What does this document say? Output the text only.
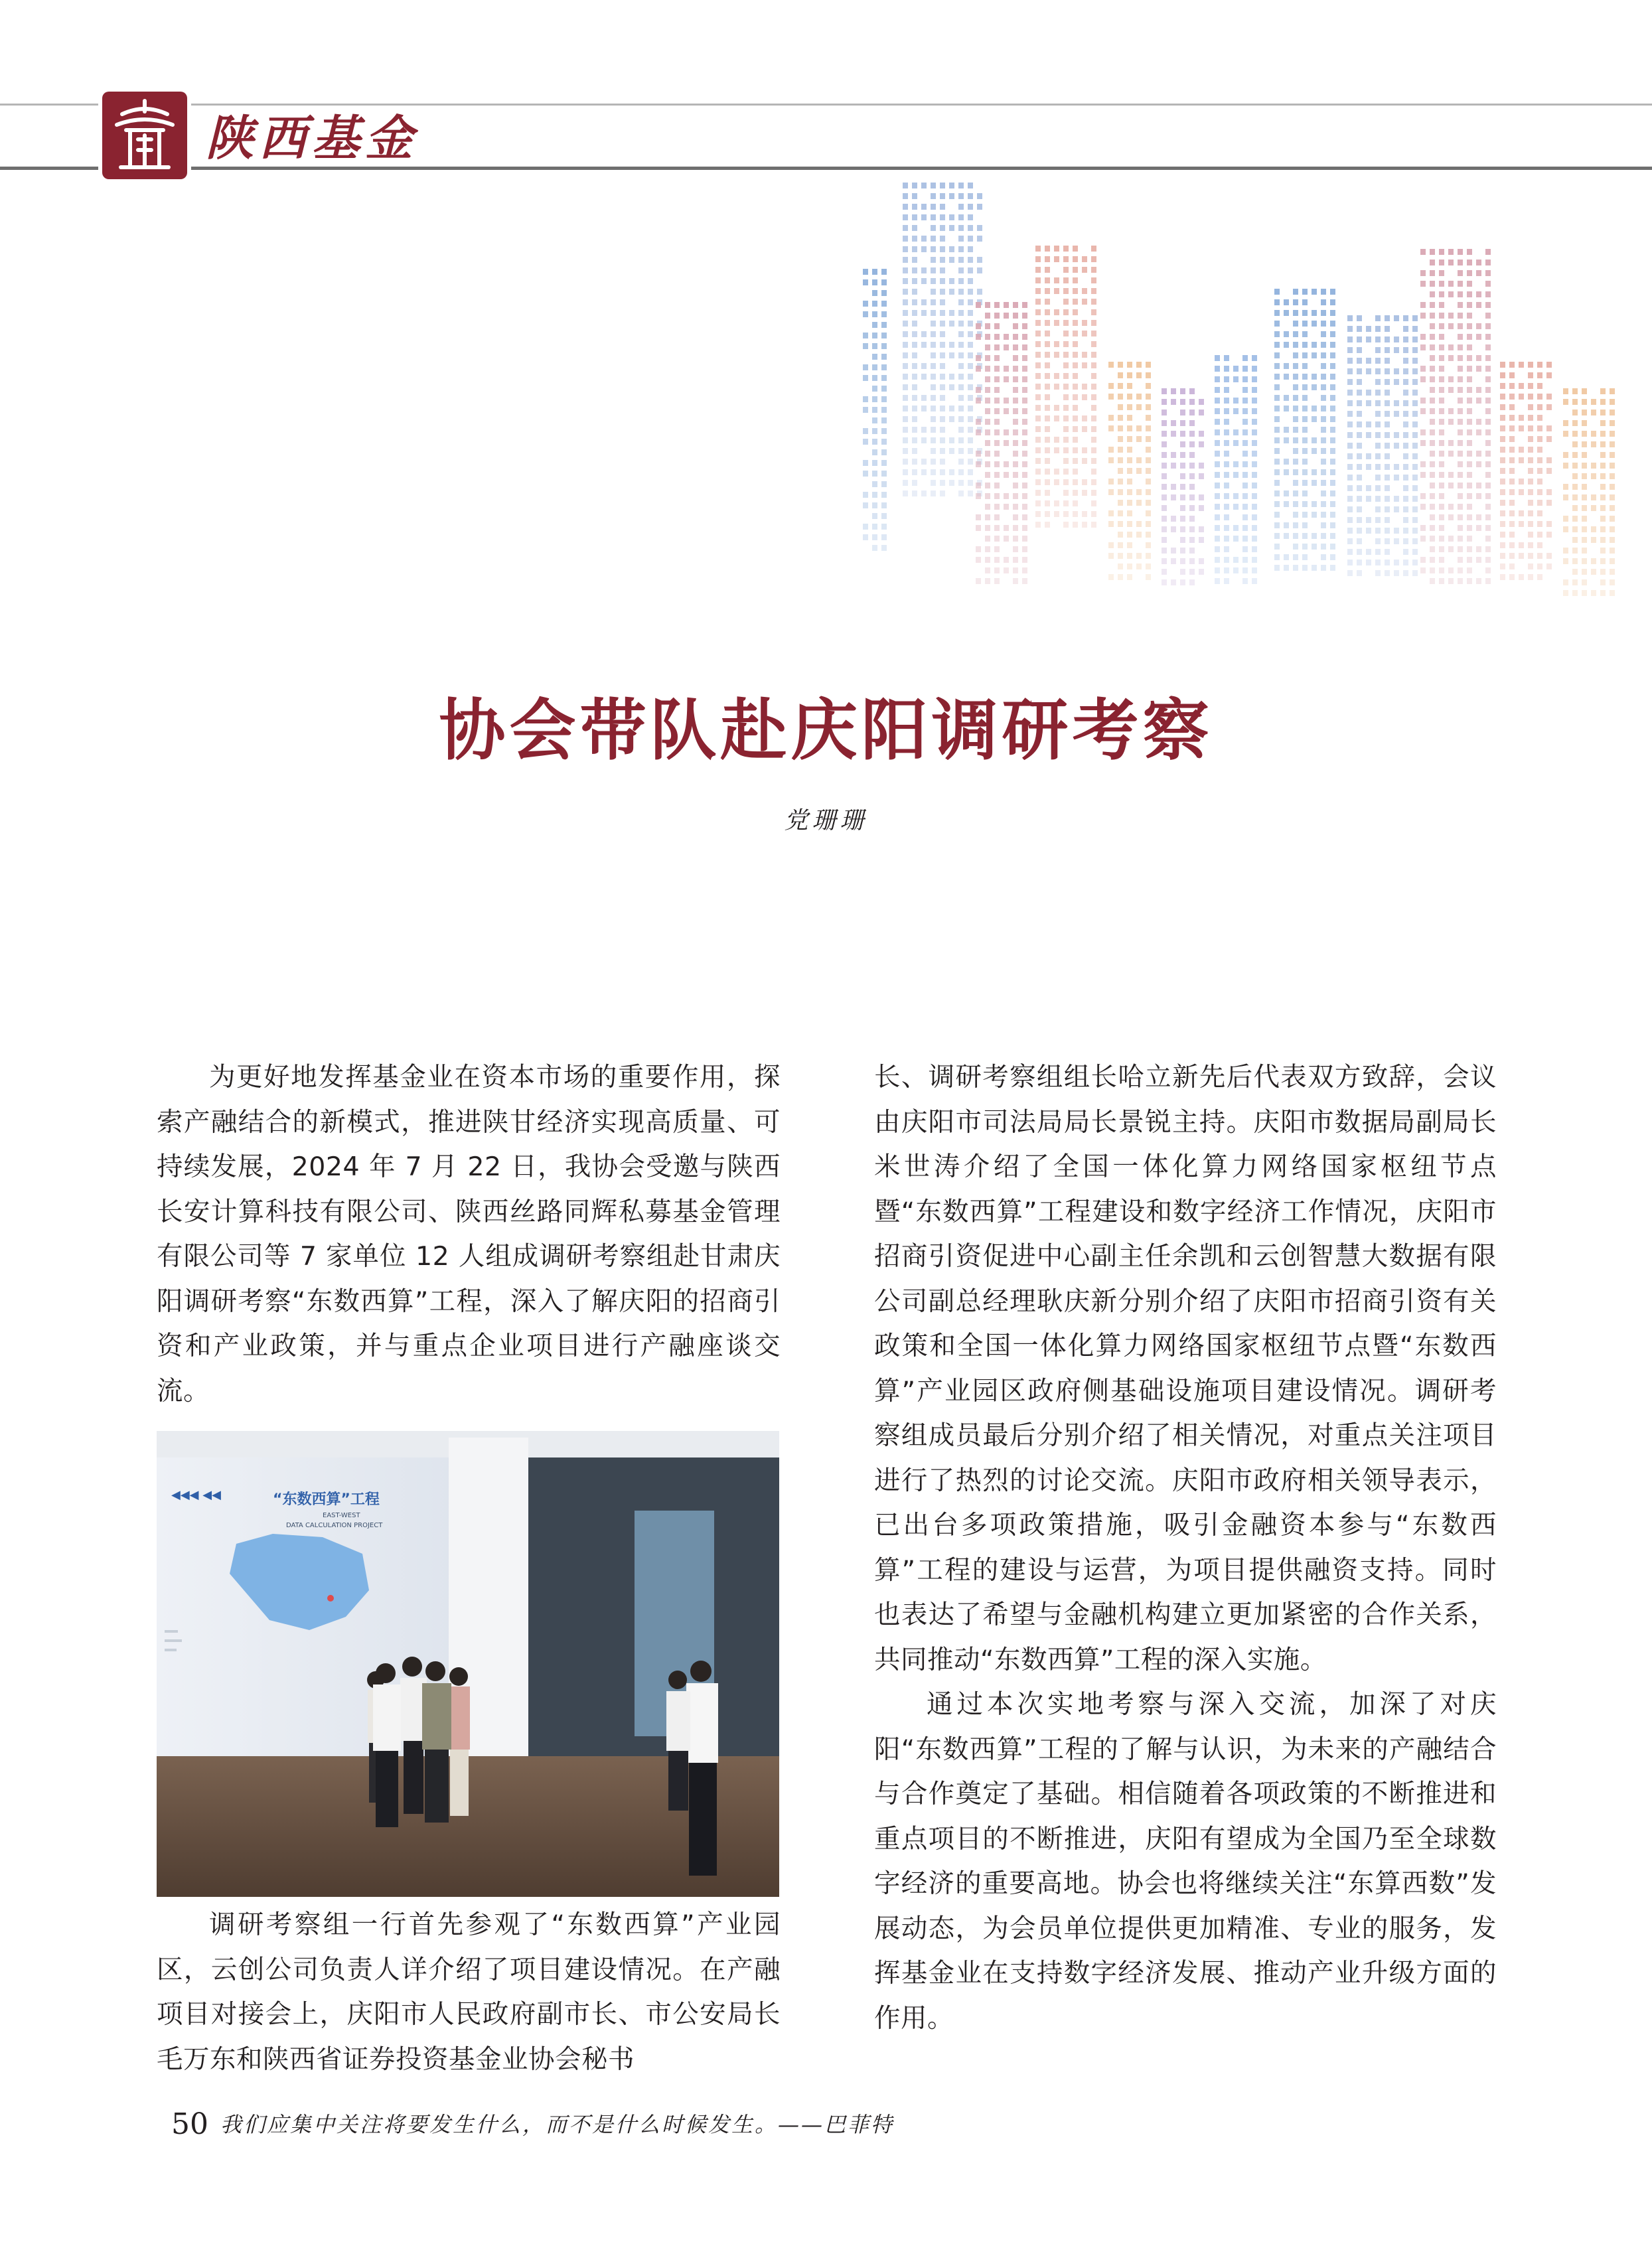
陕西基金
协会带队赴庆阳调研考察
党珊珊

为更好地发挥基金业在资本市场的重要作用，探索产融结合的新模式，推进陕甘经济实现高质量、可持续发展，2024 年 7 月 22 日，我协会受邀与陕西长安计算科技有限公司、陕西丝路同辉私募基金管理有限公司等 7 家单位 12 人组成调研考察组赴甘肃庆阳调研考察“东数西算”工程，深入了解庆阳的招商引资和产业政策，并与重点企业项目进行产融座谈交流。

“东数西算”工程
EAST-WEST
DATA CALCULATION PROJECT
◀◀◀ ◀◀

调研考察组一行首先参观了“东数西算”产业园区，云创公司负责人详介绍了项目建设情况。在产融项目对接会上，庆阳市人民政府副市长、市公安局长毛万东和陕西省证券投资基金业协会秘书

长、调研考察组组长哈立新先后代表双方致辞，会议由庆阳市司法局局长景锐主持。庆阳市数据局副局长米世涛介绍了全国一体化算力网络国家枢纽节点暨“东数西算”工程建设和数字经济工作情况，庆阳市招商引资促进中心副主任余凯和云创智慧大数据有限公司副总经理耿庆新分别介绍了庆阳市招商引资有关政策和全国一体化算力网络国家枢纽节点暨“东数西算”产业园区政府侧基础设施项目建设情况。调研考察组成员最后分别介绍了相关情况，对重点关注项目进行了热烈的讨论交流。庆阳市政府相关领导表示，已出台多项政策措施，吸引金融资本参与“东数西算”工程的建设与运营，为项目提供融资支持。同时也表达了希望与金融机构建立更加紧密的合作关系，共同推动“东数西算”工程的深入实施。

通过本次实地考察与深入交流，加深了对庆阳“东数西算”工程的了解与认识，为未来的产融结合与合作奠定了基础。相信随着各项政策的不断推进和重点项目的不断推进，庆阳有望成为全国乃至全球数字经济的重要高地。协会也将继续关注“东算西数”发展动态，为会员单位提供更加精准、专业的服务，发挥基金业在支持数字经济发展、推动产业升级方面的作用。

50 我们应集中关注将要发生什么，而不是什么时候发生。——巴菲特
